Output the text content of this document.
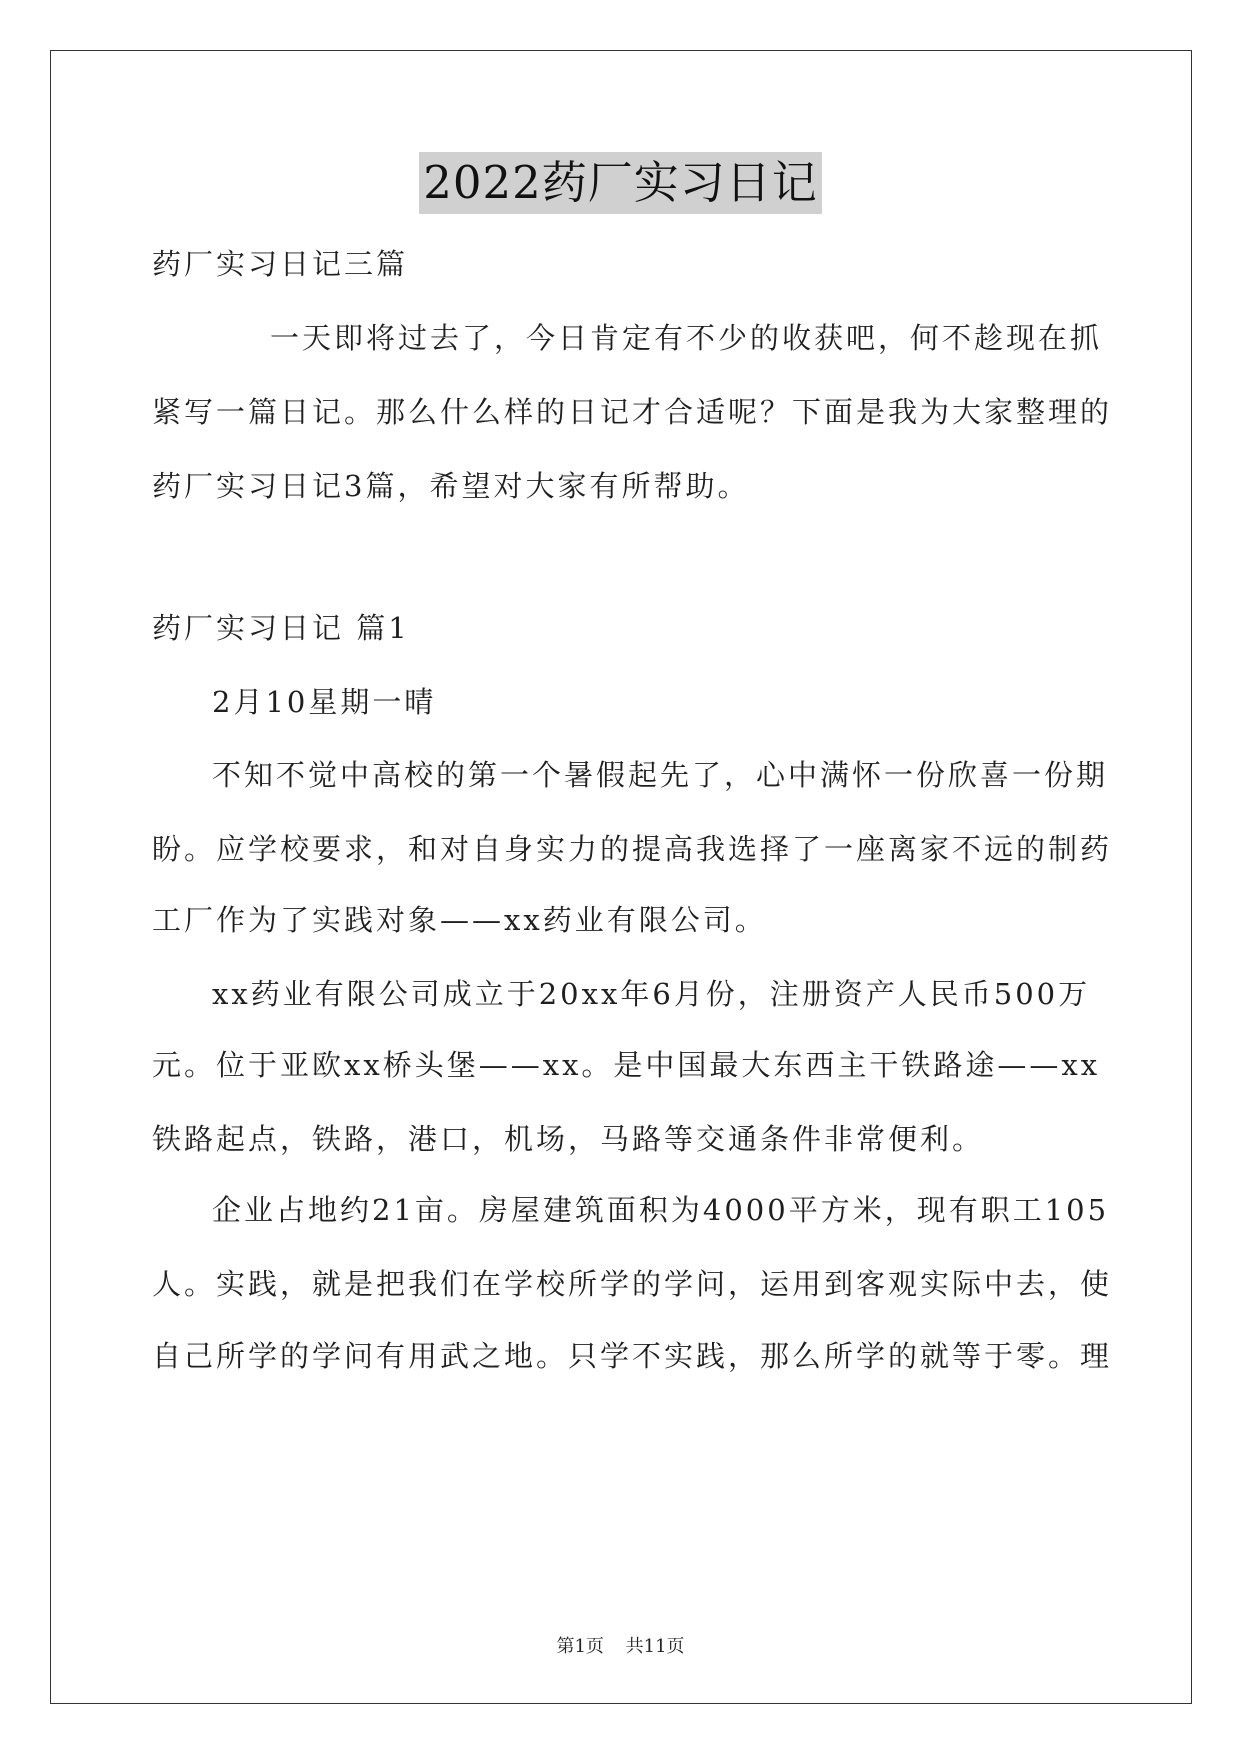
2022药厂实习日记
药厂实习日记三篇
一天即将过去了，今日肯定有不少的收获吧，何不趁现在抓
紧写一篇日记。那么什么样的日记才合适呢？下面是我为大家整理的
药厂实习日记3篇，希望对大家有所帮助。
药厂实习日记 篇1
2月10星期一晴
不知不觉中高校的第一个暑假起先了，心中满怀一份欣喜一份期
盼。应学校要求，和对自身实力的提高我选择了一座离家不远的制药
工厂作为了实践对象——xx药业有限公司。
xx药业有限公司成立于20xx年6月份，注册资产人民币500万
元。位于亚欧xx桥头堡——xx。是中国最大东西主干铁路途——xx
铁路起点，铁路，港口，机场，马路等交通条件非常便利。
企业占地约21亩。房屋建筑面积为4000平方米，现有职工105
人。实践，就是把我们在学校所学的学问，运用到客观实际中去，使
自己所学的学问有用武之地。只学不实践，那么所学的就等于零。理
第1页 共11页
